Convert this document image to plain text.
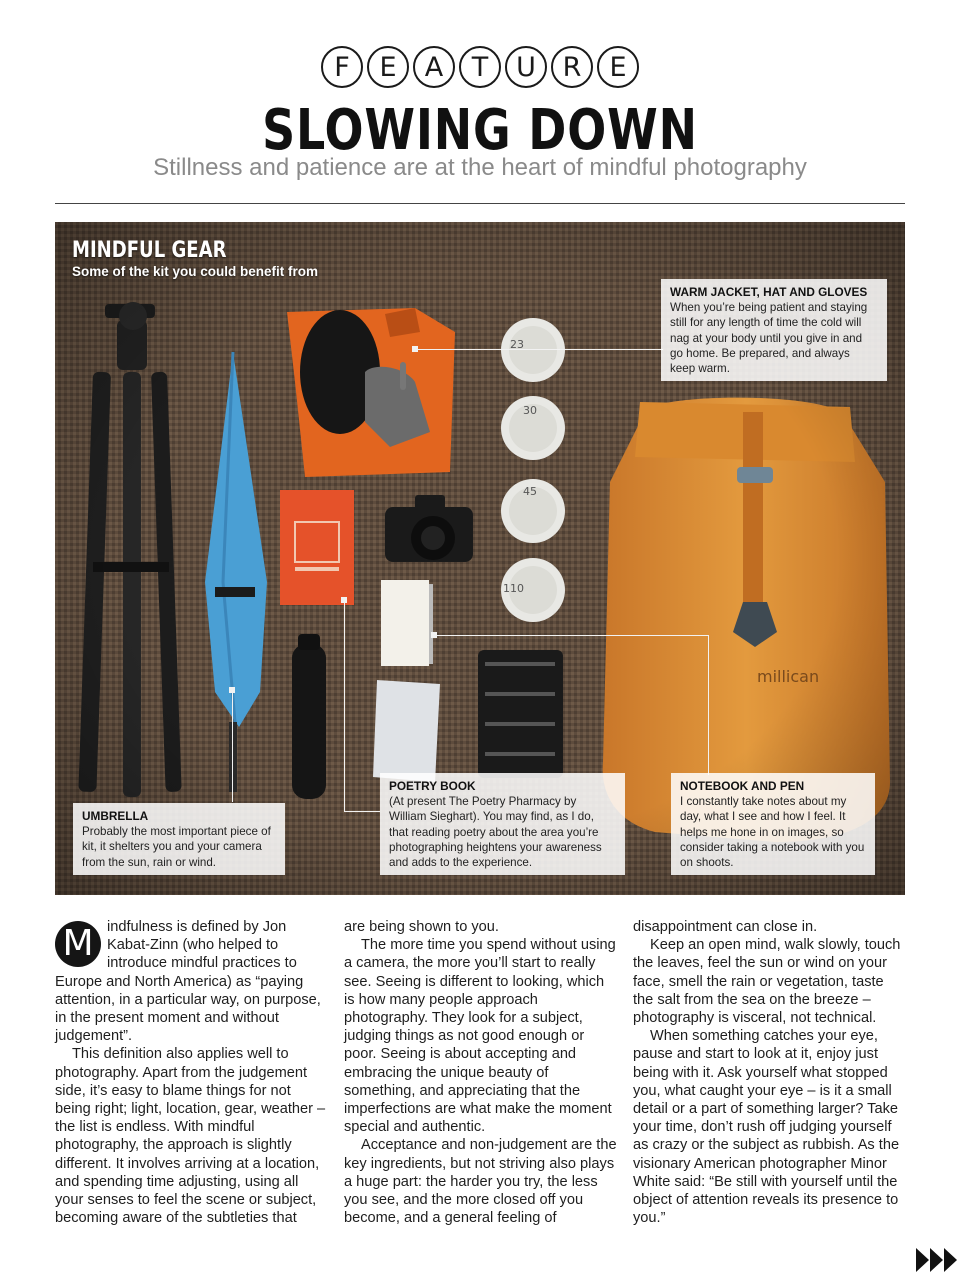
F	E	A	T	U R	E
SLOWING DOWN
Stillness and patience are at the heart of mindful photography
MINDFUL GEAR
Some of the kit you could benefit from
WARM JACKET, HAT AND GLOVES
When you’re being patient and staying still for any length of time the cold will nag at your body until you give in and go home. Be prepared, and always keep warm.
UMBRELLA
Probably the most important piece of kit, it shelters you and your camera from the sun, rain or wind.
POETRY BOOK
(At present The Poetry Pharmacy by William Sieghart). You may find, as I do, that reading poetry about the area you’re photographing heightens your awareness and adds to the experience.
NOTEBOOK AND PEN
I constantly take notes about my day, what I see and how I feel. It helps me hone in on images, so consider taking a notebook with you on shoots.
M indfulness is defined by Jon Kabat-Zinn (who helped to introduce mindful practices to Europe and North America) as “paying attention, in a particular way, on purpose, in the present moment and without judgement”.

This definition also applies well to photography. Apart from the judgement side, it’s easy to blame things for not being right; light, location, gear, weather – the list is endless. With mindful photography, the approach is slightly different. It involves arriving at a location, and spending time adjusting, using all your senses to feel the scene or subject, becoming aware of the subtleties that

are being shown to you.

The more time you spend without using a camera, the more you’ll start to really see. Seeing is different to looking, which is how many people approach photography. They look for a subject, judging things as not good enough or poor. Seeing is about accepting and embracing the unique beauty of something, and appreciating that the imperfections are what make the moment special and authentic.

Acceptance and non-judgement are the key ingredients, but not striving also plays a huge part: the harder you try, the less you see, and the more closed off you become, and a general feeling of

disappointment can close in.

Keep an open mind, walk slowly, touch the leaves, feel the sun or wind on your face, smell the rain or vegetation, taste the salt from the sea on the breeze – photography is visceral, not technical.

When something catches your eye, pause and start to look at it, enjoy just being with it. Ask yourself what stopped you, what caught your eye – is it a small detail or a part of something larger? Take your time, don’t rush off judging yourself as crazy or the subject as rubbish. As the visionary American photographer Minor White said: “Be still with yourself until the object of attention reveals its presence to you.”
